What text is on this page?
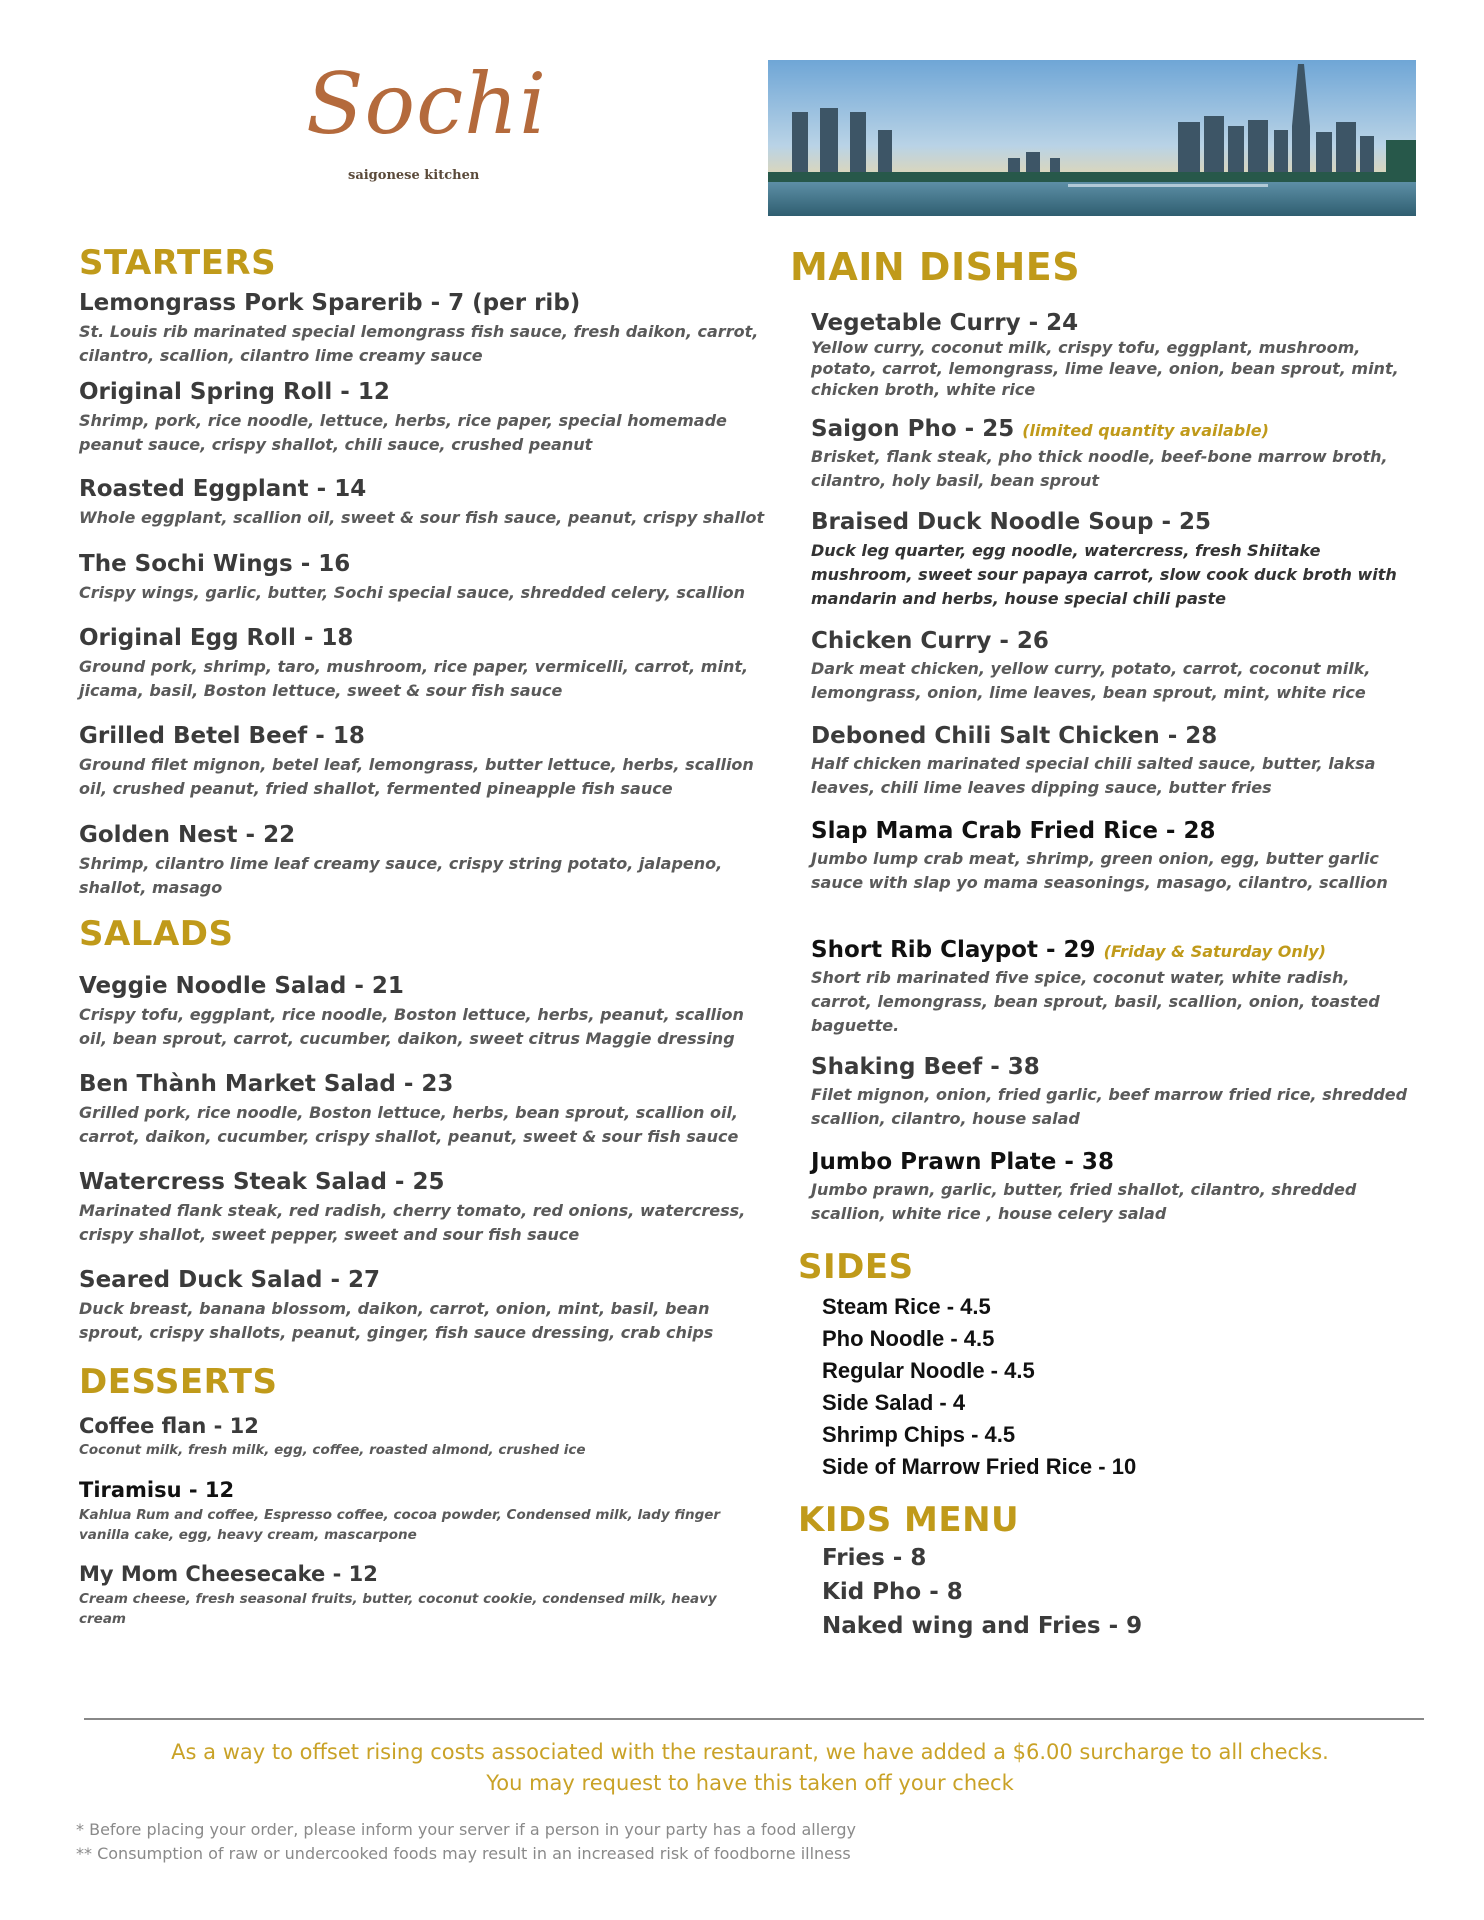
Sochi
saigonese kitchen
STARTERS
Lemongrass Pork Sparerib - 7 (per rib)
St. Louis rib marinated special lemongrass fish sauce, fresh daikon, carrot, cilantro, scallion, cilantro lime creamy sauce
Original Spring Roll - 12
Shrimp, pork, rice noodle, lettuce, herbs, rice paper, special homemade peanut sauce, crispy shallot, chili sauce, crushed peanut
Roasted Eggplant - 14
Whole eggplant, scallion oil, sweet & sour fish sauce, peanut, crispy shallot
The Sochi Wings - 16
Crispy wings, garlic, butter, Sochi special sauce, shredded celery, scallion
Original Egg Roll - 18
Ground pork, shrimp, taro, mushroom, rice paper, vermicelli, carrot, mint, jicama, basil, Boston lettuce, sweet & sour fish sauce
Grilled Betel Beef - 18
Ground filet mignon, betel leaf, lemongrass, butter lettuce, herbs, scallion oil, crushed peanut, fried shallot, fermented pineapple fish sauce
Golden Nest - 22
Shrimp, cilantro lime leaf creamy sauce, crispy string potato, jalapeno, shallot, masago
SALADS
Veggie Noodle Salad - 21
Crispy tofu, eggplant, rice noodle, Boston lettuce, herbs, peanut, scallion oil, bean sprout, carrot, cucumber, daikon, sweet citrus Maggie dressing
Ben Thành Market Salad - 23
Grilled pork, rice noodle, Boston lettuce, herbs, bean sprout, scallion oil, carrot, daikon, cucumber, crispy shallot, peanut, sweet & sour fish sauce
Watercress Steak Salad - 25
Marinated flank steak, red radish, cherry tomato, red onions, watercress, crispy shallot, sweet pepper, sweet and sour fish sauce
Seared Duck Salad - 27
Duck breast, banana blossom, daikon, carrot, onion, mint, basil, bean sprout, crispy shallots, peanut, ginger, fish sauce dressing, crab chips
DESSERTS
Coffee flan - 12
Coconut milk, fresh milk, egg, coffee, roasted almond, crushed ice
Tiramisu - 12
Kahlua Rum and coffee, Espresso coffee, cocoa powder, Condensed milk, lady finger vanilla cake, egg, heavy cream, mascarpone
My Mom Cheesecake - 12
Cream cheese, fresh seasonal fruits, butter, coconut cookie, condensed milk, heavy cream
MAIN DISHES
Vegetable Curry - 24
Yellow curry, coconut milk, crispy tofu, eggplant, mushroom, potato, carrot, lemongrass, lime leave, onion, bean sprout, mint, chicken broth, white rice
Saigon Pho - 25 (limited quantity available)
Brisket, flank steak, pho thick noodle, beef-bone marrow broth, cilantro, holy basil, bean sprout
Braised Duck Noodle Soup - 25
Duck leg quarter, egg noodle, watercress, fresh Shiitake mushroom, sweet sour papaya carrot, slow cook duck broth with mandarin and herbs, house special chili paste
Chicken Curry - 26
Dark meat chicken, yellow curry, potato, carrot, coconut milk, lemongrass, onion, lime leaves, bean sprout, mint, white rice
Deboned Chili Salt Chicken - 28
Half chicken marinated special chili salted sauce, butter, laksa leaves, chili lime leaves dipping sauce, butter fries
Slap Mama Crab Fried Rice - 28
Jumbo lump crab meat, shrimp, green onion, egg, butter garlic sauce with slap yo mama seasonings, masago, cilantro, scallion
Short Rib Claypot - 29 (Friday & Saturday Only)
Short rib marinated five spice, coconut water, white radish, carrot, lemongrass, bean sprout, basil, scallion, onion, toasted baguette.
Shaking Beef - 38
Filet mignon, onion, fried garlic, beef marrow fried rice, shredded scallion, cilantro, house salad
Jumbo Prawn Plate - 38
Jumbo prawn, garlic, butter, fried shallot, cilantro, shredded scallion, white rice , house celery salad
SIDES
Steam Rice - 4.5
Pho Noodle - 4.5
Regular Noodle - 4.5
Side Salad - 4
Shrimp Chips - 4.5
Side of Marrow Fried Rice - 10
KIDS MENU
Fries - 8
Kid Pho - 8
Naked wing and Fries - 9
As a way to offset rising costs associated with the restaurant, we have added a $6.00 surcharge to all checks.
You may request to have this taken off your check
* Before placing your order, please inform your server if a person in your party has a food allergy
** Consumption of raw or undercooked foods may result in an increased risk of foodborne illness
